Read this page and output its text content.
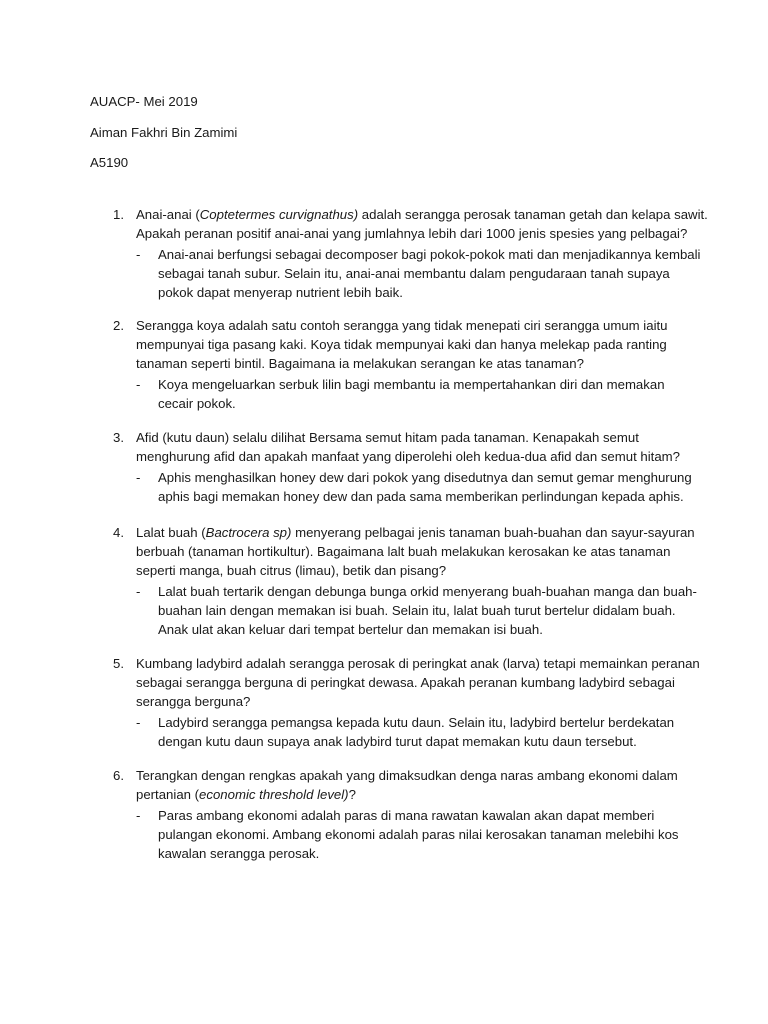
AUACP- Mei 2019
Aiman Fakhri Bin Zamimi
A5190
1. Anai-anai (Coptetermes curvignathus) adalah serangga perosak tanaman getah dan kelapa sawit.
Apakah peranan positif anai-anai yang jumlahnya lebih dari 1000 jenis spesies yang pelbagai?
- Anai-anai berfungsi sebagai decomposer bagi pokok-pokok mati dan menjadikannya kembali
sebagai tanah subur. Selain itu, anai-anai membantu dalam pengudaraan tanah supaya
pokok dapat menyerap nutrient lebih baik.
2. Serangga koya adalah satu contoh serangga yang tidak menepati ciri serangga umum iaitu
mempunyai tiga pasang kaki. Koya tidak mempunyai kaki dan hanya melekap pada ranting
tanaman seperti bintil. Bagaimana ia melakukan serangan ke atas tanaman?
- Koya mengeluarkan serbuk lilin bagi membantu ia mempertahankan diri dan memakan
cecair pokok.
3. Afid (kutu daun) selalu dilihat Bersama semut hitam pada tanaman. Kenapakah semut
menghurung afid dan apakah manfaat yang diperolehi oleh kedua-dua afid dan semut hitam?
- Aphis menghasilkan honey dew dari pokok yang disedutnya dan semut gemar menghurung
aphis bagi memakan honey dew dan pada sama memberikan perlindungan kepada aphis.
4. Lalat buah (Bactrocera sp) menyerang pelbagai jenis tanaman buah-buahan dan sayur-sayuran
berbuah (tanaman hortikultur). Bagaimana lalt buah melakukan kerosakan ke atas tanaman
seperti manga, buah citrus (limau), betik dan pisang?
- Lalat buah tertarik dengan debunga bunga orkid menyerang buah-buahan manga dan buah-
buahan lain dengan memakan isi buah. Selain itu, lalat buah turut bertelur didalam buah.
Anak ulat akan keluar dari tempat bertelur dan memakan isi buah.
5. Kumbang ladybird adalah serangga perosak di peringkat anak (larva) tetapi memainkan peranan
sebagai serangga berguna di peringkat dewasa. Apakah peranan kumbang ladybird sebagai
serangga berguna?
- Ladybird serangga pemangsa kepada kutu daun. Selain itu, ladybird bertelur berdekatan
dengan kutu daun supaya anak ladybird turut dapat memakan kutu daun tersebut.
6. Terangkan dengan rengkas apakah yang dimaksudkan denga naras ambang ekonomi dalam
pertanian (economic threshold level)?
- Paras ambang ekonomi adalah paras di mana rawatan kawalan akan dapat memberi
pulangan ekonomi. Ambang ekonomi adalah paras nilai kerosakan tanaman melebihi kos
kawalan serangga perosak.
